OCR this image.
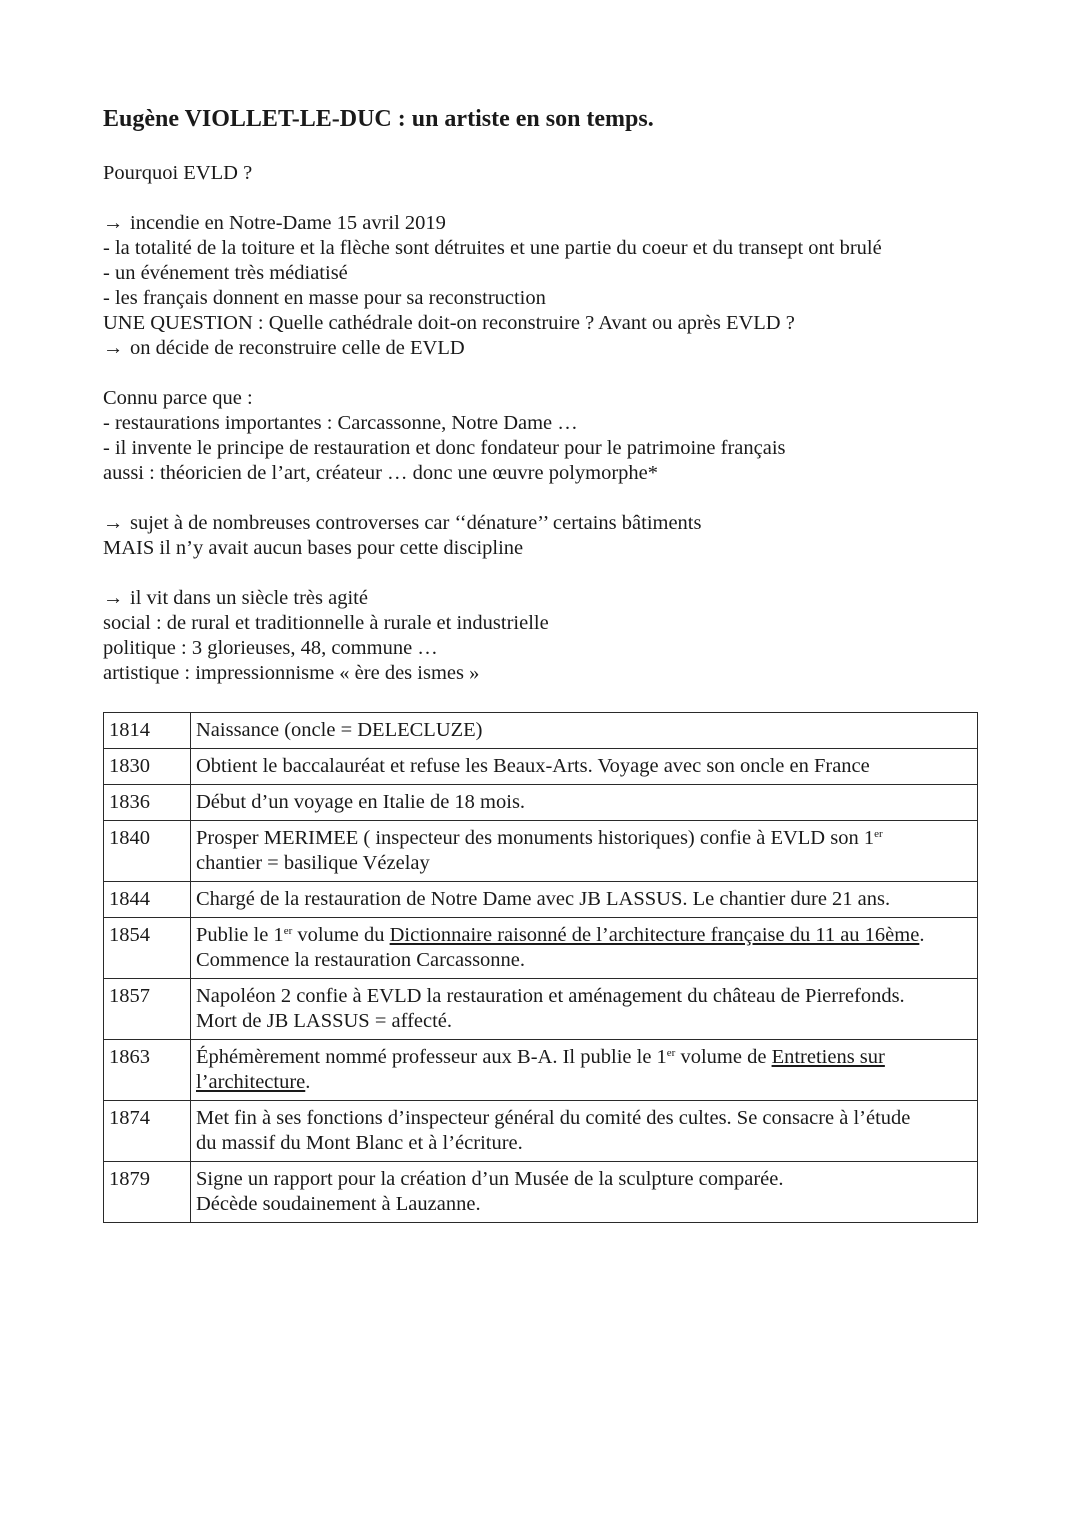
Eugène VIOLLET-LE-DUC : un artiste en son temps.
Pourquoi EVLD ?
→ incendie en Notre-Dame 15 avril 2019
- la totalité de la toiture et la flèche sont détruites et une partie du coeur et du transept ont brulé
- un événement très médiatisé
- les français donnent en masse pour sa reconstruction
UNE QUESTION : Quelle cathédrale doit-on reconstruire ? Avant ou après EVLD ?
→ on décide de reconstruire celle de EVLD
Connu parce que :
- restaurations importantes : Carcassonne, Notre Dame …
- il invente le principe de restauration et donc fondateur pour le patrimoine français
aussi : théoricien de l’art, créateur … donc une œuvre polymorphe*
→ sujet à de nombreuses controverses car ‘‘dénature’’ certains bâtiments
MAIS il n’y avait aucun bases pour cette discipline
→ il vit dans un siècle très agité
social : de rural et traditionnelle à rurale et industrielle
politique : 3 glorieuses, 48, commune …
artistique : impressionnisme « ère des ismes »
1814	Naissance (oncle = DELECLUZE)
1830	Obtient le baccalauréat et refuse les Beaux-Arts. Voyage avec son oncle en France
1836	Début d’un voyage en Italie de 18 mois.
1840	Prosper MERIMEE ( inspecteur des monuments historiques) confie à EVLD son 1er
chantier = basilique Vézelay
1844	Chargé de la restauration de Notre Dame avec JB LASSUS. Le chantier dure 21 ans.
1854	Publie le 1er volume du Dictionnaire raisonné de l’architecture française du 11 au 16ème.
Commence la restauration Carcassonne.
1857	Napoléon 2 confie à EVLD la restauration et aménagement du château de Pierrefonds.
Mort de JB LASSUS = affecté.
1863	Éphémèrement nommé professeur aux B-A. Il publie le 1er volume de Entretiens sur
l’architecture.
1874	Met fin à ses fonctions d’inspecteur général du comité des cultes. Se consacre à l’étude
du massif du Mont Blanc et à l’écriture.
1879	Signe un rapport pour la création d’un Musée de la sculpture comparée.
Décède soudainement à Lauzanne.
